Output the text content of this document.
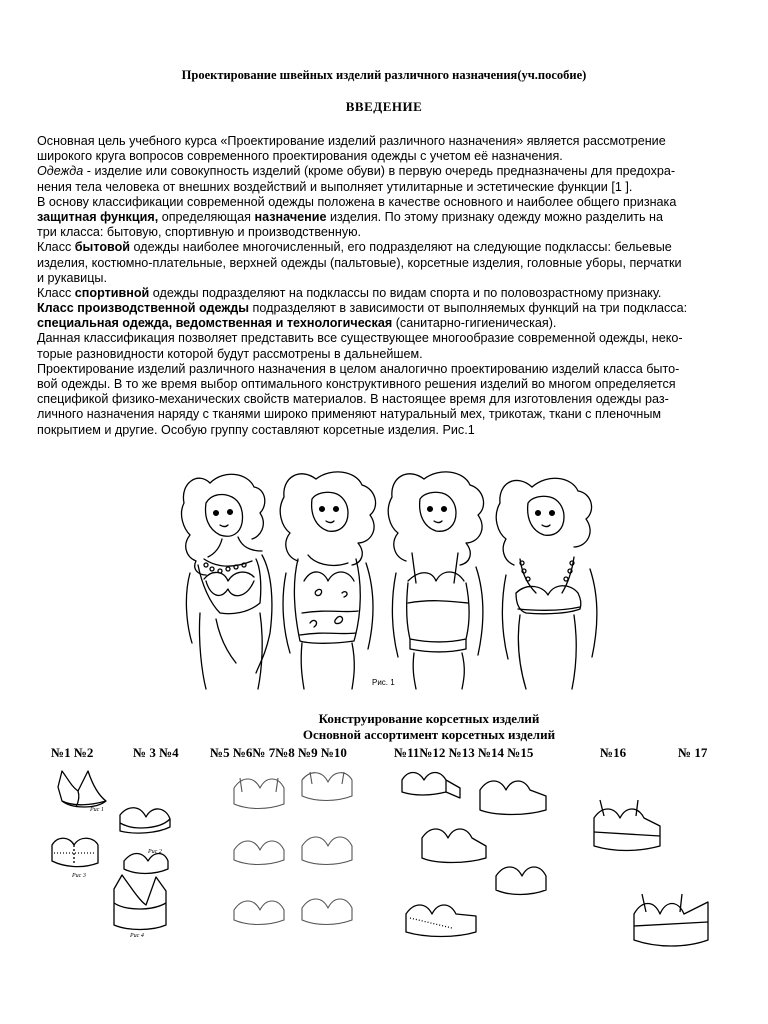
Проектирование швейных изделий различного назначения(уч.пособие)
ВВЕДЕНИЕ
Основная цель учебного курса «Проектирование изделий различного назначения» является рассмотрение
широкого круга вопросов современного проектирования одежды с учетом её назначения.
Одежда - изделие или совокупность изделий (кроме обуви) в первую очередь предназначены для предохра-
нения тела человека от внешних воздействий и выполняет утилитарные и эстетические функции [1 ].
В основу классификации современной одежды положена в качестве основного и наиболее общего признака
защитная функция, определяющая назначение изделия. По этому признаку одежду можно разделить на
три класса: бытовую, спортивную и производственную.
Класс бытовой одежды наиболее многочисленный, его подразделяют на следующие подклассы: бельевые
изделия, костюмно-плательные, верхней одежды (пальтовые), корсетные изделия, головные уборы, перчатки
и рукавицы.
Класс спортивной одежды подразделяют на подклассы по видам спорта и по половозрастному признаку.
Класс производственной одежды подразделяют в зависимости от выполняемых функций на три подкласса:
специальная одежда, ведомственная и технологическая (санитарно-гигиеническая).
Данная классификация позволяет представить все существующее многообразие современной одежды, неко-
торые разновидности которой будут рассмотрены в дальнейшем.
Проектирование изделий различного назначения в целом аналогично проектированию изделий класса быто-
вой одежды. В то же время выбор оптимального конструктивного решения изделий во многом определяется
спецификой физико-механических свойств материалов. В настоящее время для изготовления одежды раз-
личного назначения наряду с тканями широко применяют натуральный мех, трикотаж, ткани с пленочным
покрытием и другие. Особую группу составляют корсетные изделия. Рис.1
Рис. 1
Конструирование корсетных изделий
Основной ассортимент корсетных изделий
№1 №2	№ 3 №4 №5 №6№ 7№8 №9 №10	№11№12 №13 №14 №15	№16	№ 17
Рис 1
Рис 2
Рис 3
Рис 4
